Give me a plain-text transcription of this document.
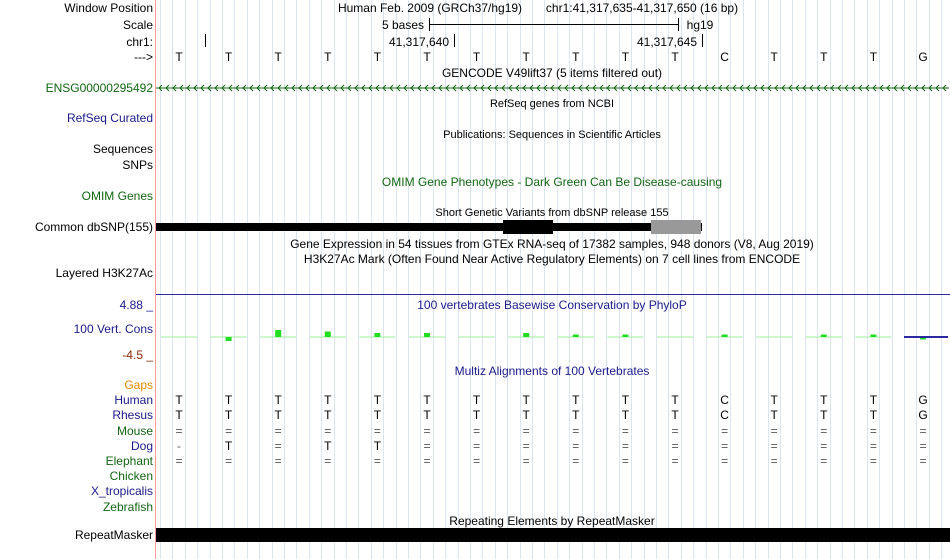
Window Position	Human Feb. 2009 (GRCh37/hg19) chr1:41,317,635-41,317,650 (16 bp)
Scale	5 bases	hg19
chr1:	41,317,640	41,317,645
--->	T	T	T	T	T	T	T	T	T	T	T	C	T	T	T	G
GENCODE V49lift37 (5 items filtered out)
ENSG00000295492
RefSeq genes from NCBI
RefSeq Curated
Publications: Sequences in Scientific Articles
Sequences
SNPs
OMIM Gene Phenotypes - Dark Green Can Be Disease-causing
OMIM Genes
Short Genetic Variants from dbSNP release 155
Common dbSNP(155)
Gene Expression in 54 tissues from GTEx RNA-seq of 17382 samples, 948 donors (V8, Aug 2019)
H3K27Ac Mark (Often Found Near Active Regulatory Elements) on 7 cell lines from ENCODE
Layered H3K27Ac
100 vertebrates Basewise Conservation by PhyloP
4.88 _
100 Vert. Cons
-4.5 _
Multiz Alignments of 100 Vertebrates
Gaps
Human	T	T	T	T	T	T	T	T	T	T	T	C	T	T	T	G
Rhesus	T	T	T	T	T	T	T	T	T	T	T	C	T	T	T	G
Mouse	=	=	=	=	=	=	=	=	=	=	=	=	=	=	=	=
Dog	-	T	=	T	T	=	=	=	=	=	=	=	=	=	=	=
Elephant	=	=	=	=	=	=	=	=	=	=	=	=	=	=	=	=
Chicken
X_tropicalis
Zebrafish
Repeating Elements by RepeatMasker
RepeatMasker
